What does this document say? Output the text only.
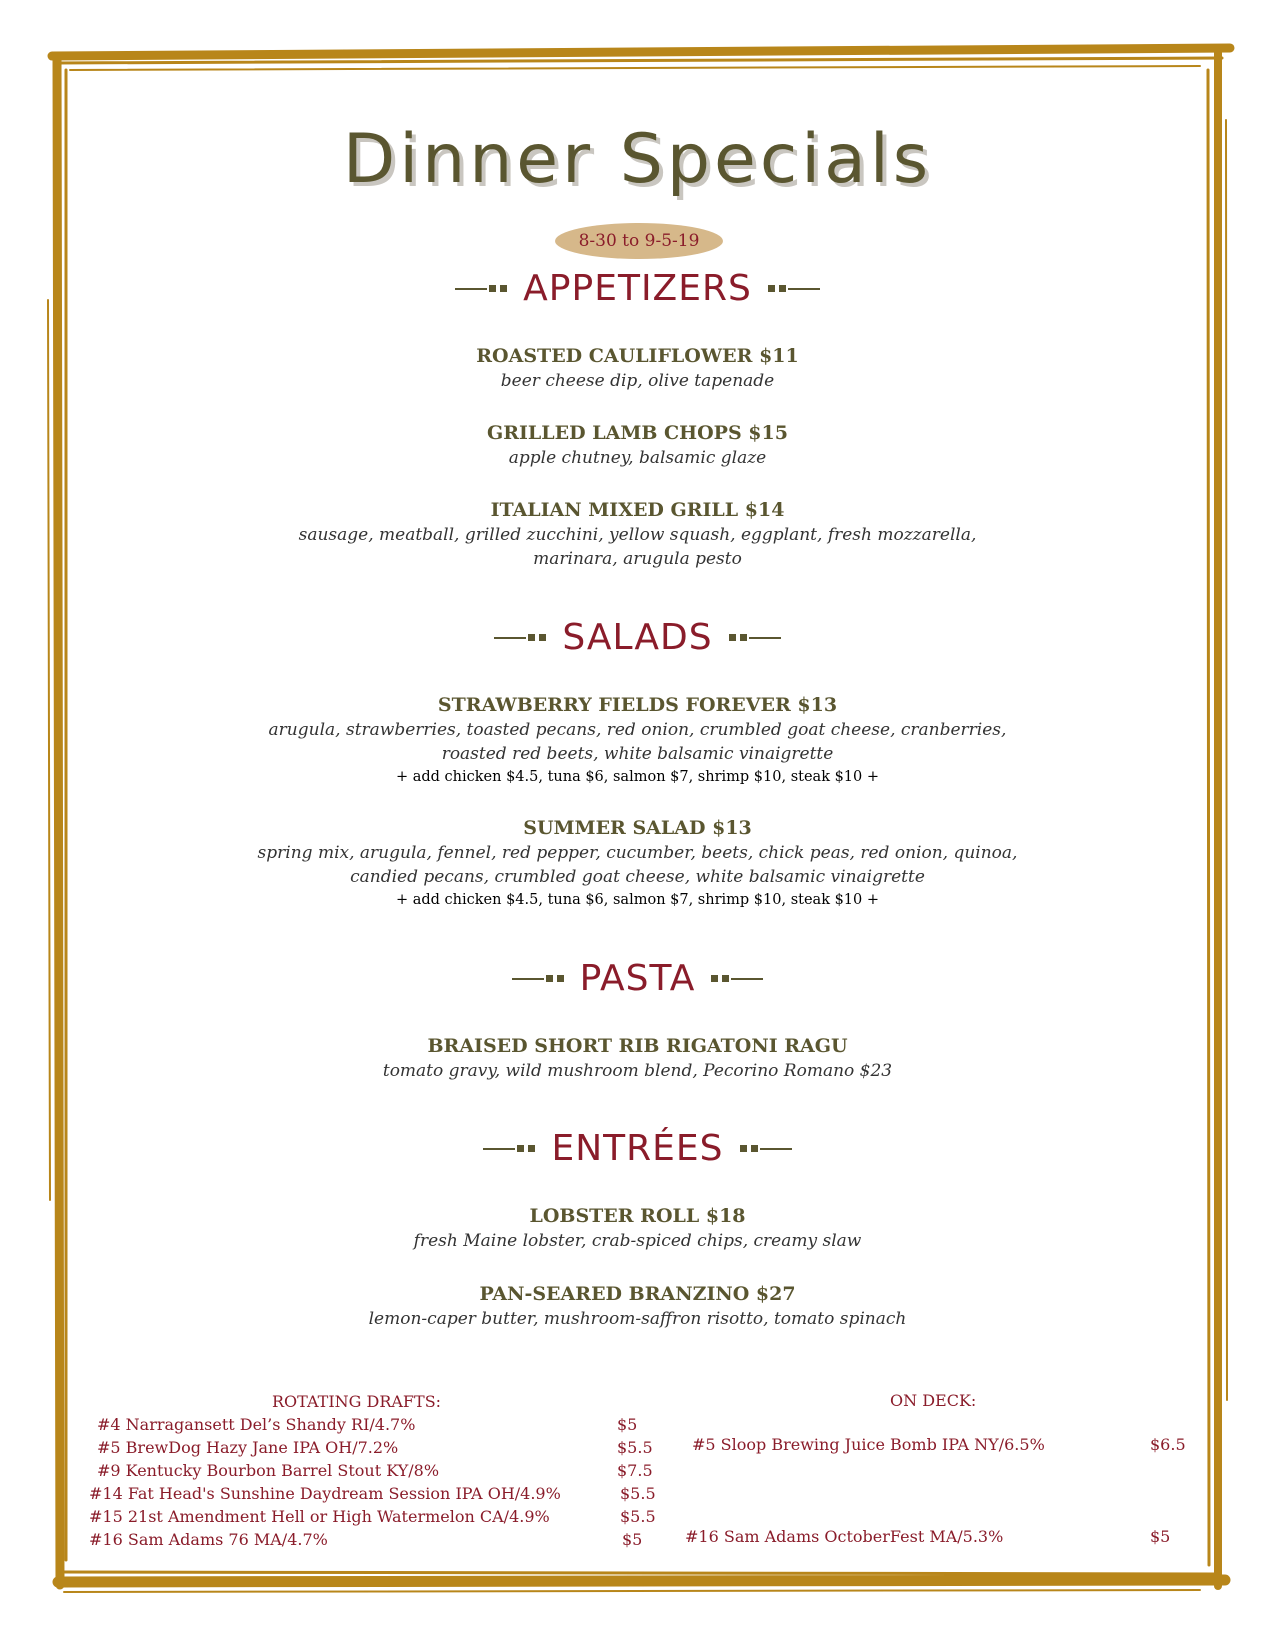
Dinner Specials
8-30 to 9-5-19
APPETIZERS
ROASTED CAULIFLOWER $11
beer cheese dip, olive tapenade
GRILLED LAMB CHOPS $15
apple chutney, balsamic glaze
ITALIAN MIXED GRILL $14
sausage, meatball, grilled zucchini, yellow squash, eggplant, fresh mozzarella,
marinara, arugula pesto
SALADS
STRAWBERRY FIELDS FOREVER $13
arugula, strawberries, toasted pecans, red onion, crumbled goat cheese, cranberries,
roasted red beets, white balsamic vinaigrette
+ add chicken $4.5, tuna $6, salmon $7, shrimp $10, steak $10 +
SUMMER SALAD $13
spring mix, arugula, fennel, red pepper, cucumber, beets, chick peas, red onion, quinoa,
candied pecans, crumbled goat cheese, white balsamic vinaigrette
+ add chicken $4.5, tuna $6, salmon $7, shrimp $10, steak $10 +
PASTA
BRAISED SHORT RIB RIGATONI RAGU
tomato gravy, wild mushroom blend, Pecorino Romano $23
ENTRÉES
LOBSTER ROLL $18
fresh Maine lobster, crab-spiced chips, creamy slaw
PAN-SEARED BRANZINO $27
lemon-caper butter, mushroom-saffron risotto, tomato spinach
ROTATING DRAFTS:
#4 Narragansett Del’s Shandy RI/4.7%	$5
#5 BrewDog Hazy Jane IPA OH/7.2%	$5.5
#9 Kentucky Bourbon Barrel Stout KY/8%	$7.5
#14 Fat Head's Sunshine Daydream Session IPA OH/4.9%	$5.5
#15 21st Amendment Hell or High Watermelon CA/4.9%	$5.5
#16 Sam Adams 76 MA/4.7%	$5
ON DECK:
#5 Sloop Brewing Juice Bomb IPA NY/6.5%	$6.5
#16 Sam Adams OctoberFest MA/5.3%	$5
